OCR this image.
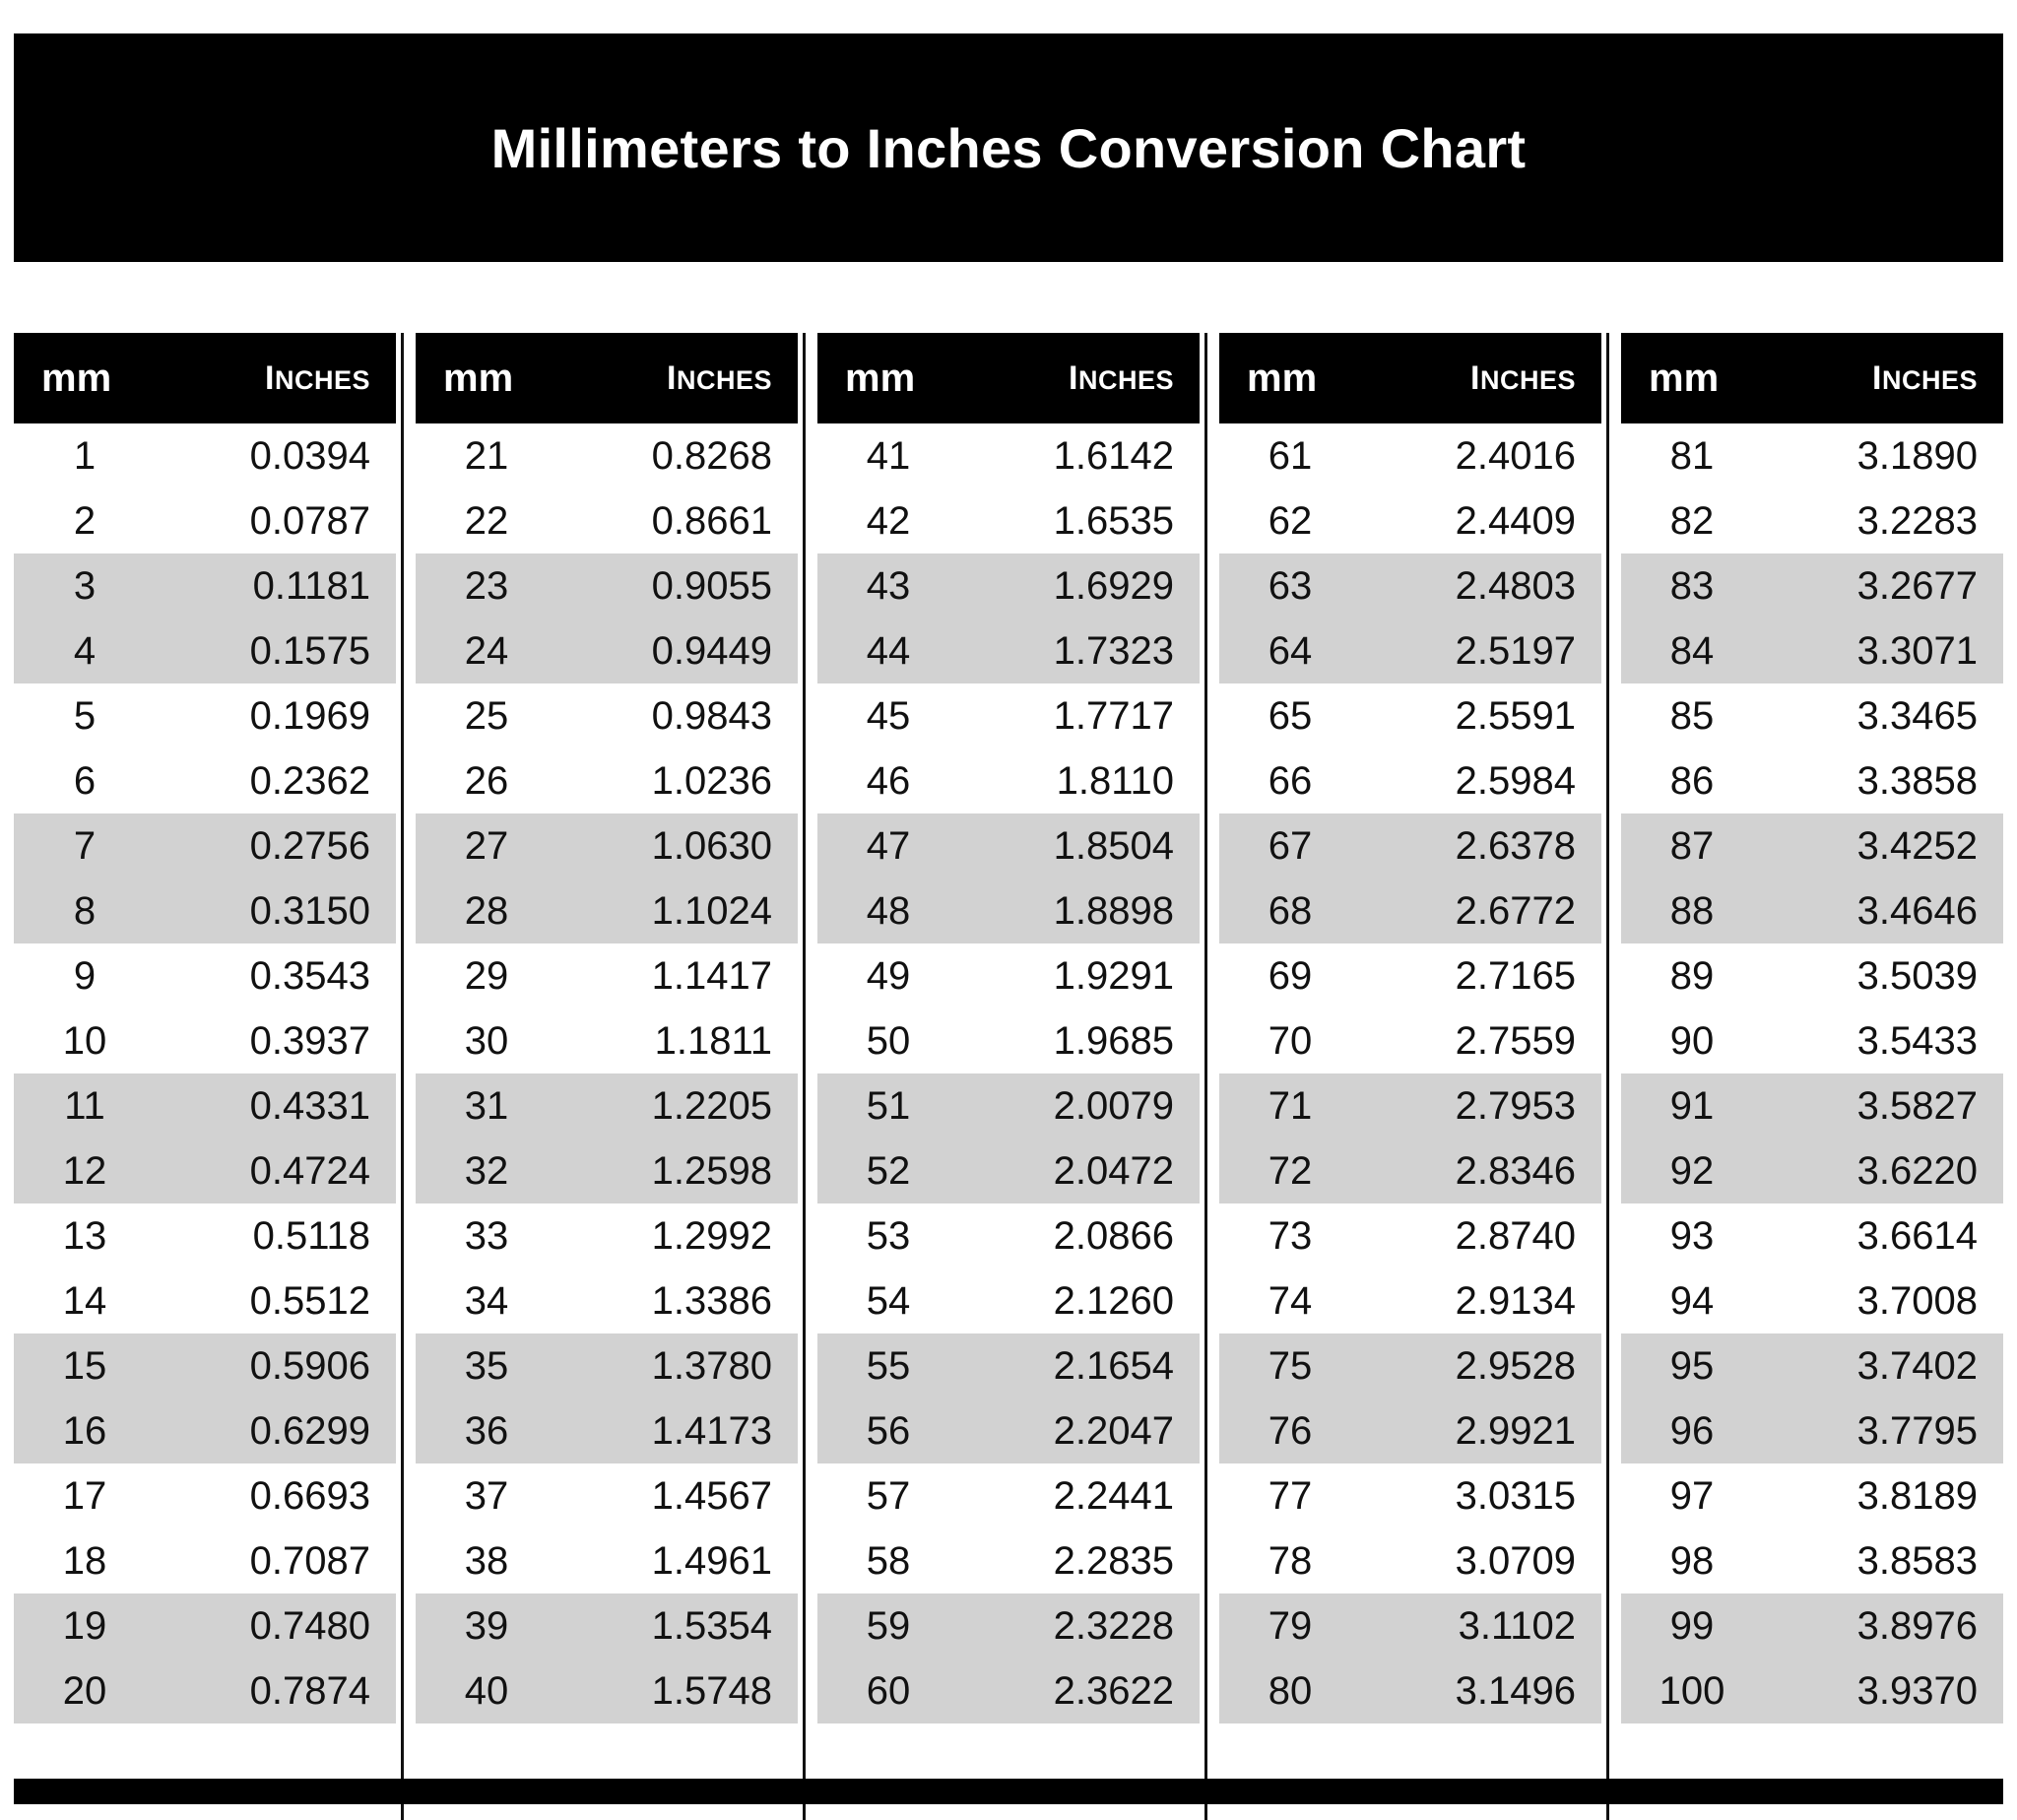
Millimeters to Inches Conversion Chart
mm	INCHES
1	0.0394
2	0.0787
3	0.1181
4	0.1575
5	0.1969
6	0.2362
7	0.2756
8	0.3150
9	0.3543
10	0.3937
11	0.4331
12	0.4724
13	0.5118
14	0.5512
15	0.5906
16	0.6299
17	0.6693
18	0.7087
19	0.7480
20	0.7874
mm	INCHES
21	0.8268
22	0.8661
23	0.9055
24	0.9449
25	0.9843
26	1.0236
27	1.0630
28	1.1024
29	1.1417
30	1.1811
31	1.2205
32	1.2598
33	1.2992
34	1.3386
35	1.3780
36	1.4173
37	1.4567
38	1.4961
39	1.5354
40	1.5748
mm	INCHES
41	1.6142
42	1.6535
43	1.6929
44	1.7323
45	1.7717
46	1.8110
47	1.8504
48	1.8898
49	1.9291
50	1.9685
51	2.0079
52	2.0472
53	2.0866
54	2.1260
55	2.1654
56	2.2047
57	2.2441
58	2.2835
59	2.3228
60	2.3622
mm	INCHES
61	2.4016
62	2.4409
63	2.4803
64	2.5197
65	2.5591
66	2.5984
67	2.6378
68	2.6772
69	2.7165
70	2.7559
71	2.7953
72	2.8346
73	2.8740
74	2.9134
75	2.9528
76	2.9921
77	3.0315
78	3.0709
79	3.1102
80	3.1496
mm	INCHES
81	3.1890
82	3.2283
83	3.2677
84	3.3071
85	3.3465
86	3.3858
87	3.4252
88	3.4646
89	3.5039
90	3.5433
91	3.5827
92	3.6220
93	3.6614
94	3.7008
95	3.7402
96	3.7795
97	3.8189
98	3.8583
99	3.8976
100	3.9370
